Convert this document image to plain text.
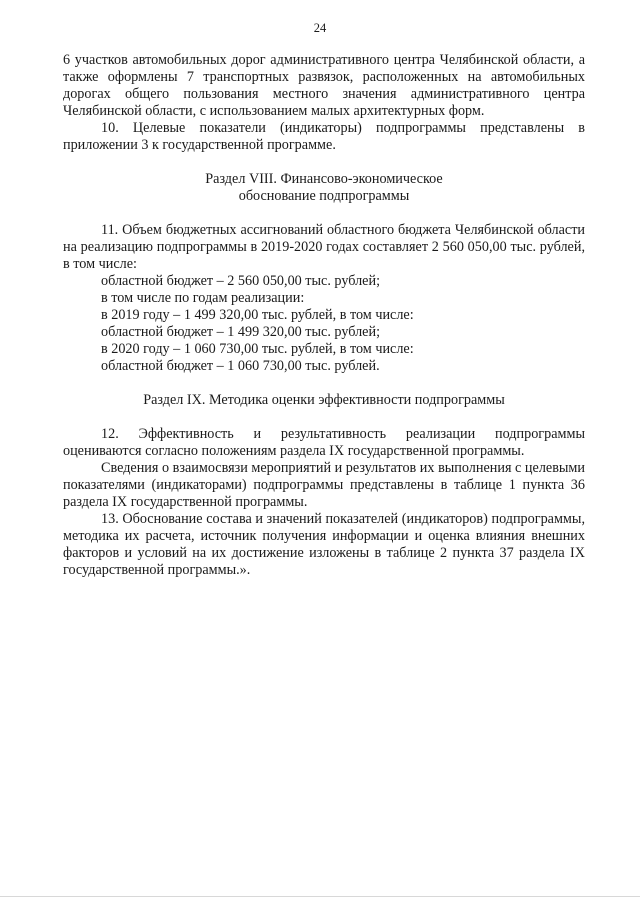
24

6 участков автомобильных дорог административного центра Челябинской области, а также оформлены 7 транспортных развязок, расположенных на автомобильных дорогах общего пользования местного значения административного центра Челябинской области, с использованием малых архитектурных форм.

10. Целевые показатели (индикаторы) подпрограммы представлены в приложении 3 к государственной программе.

Раздел VIII. Финансово-экономическое

обоснование подпрограммы

11. Объем бюджетных ассигнований областного бюджета Челябинской области на реализацию подпрограммы в 2019-2020 годах составляет 2 560 050,00 тыс. рублей, в том числе:

областной бюджет – 2 560 050,00 тыс. рублей;

в том числе по годам реализации:

в 2019 году – 1 499 320,00 тыс. рублей, в том числе:

областной бюджет – 1 499 320,00 тыс. рублей;

в 2020 году – 1 060 730,00 тыс. рублей, в том числе:

областной бюджет – 1 060 730,00 тыс. рублей.

Раздел IX. Методика оценки эффективности подпрограммы

12. Эффективность и результативность реализации подпрограммы оцениваются согласно положениям раздела IX государственной программы.

Сведения о взаимосвязи мероприятий и результатов их выполнения с целевыми показателями (индикаторами) подпрограммы представлены в таблице 1 пункта 36 раздела IX государственной программы.

13. Обоснование состава и значений показателей (индикаторов) подпрограммы, методика их расчета, источник получения информации и оценка влияния внешних факторов и условий на их достижение изложены в таблице 2 пункта 37 раздела IX государственной программы.».
